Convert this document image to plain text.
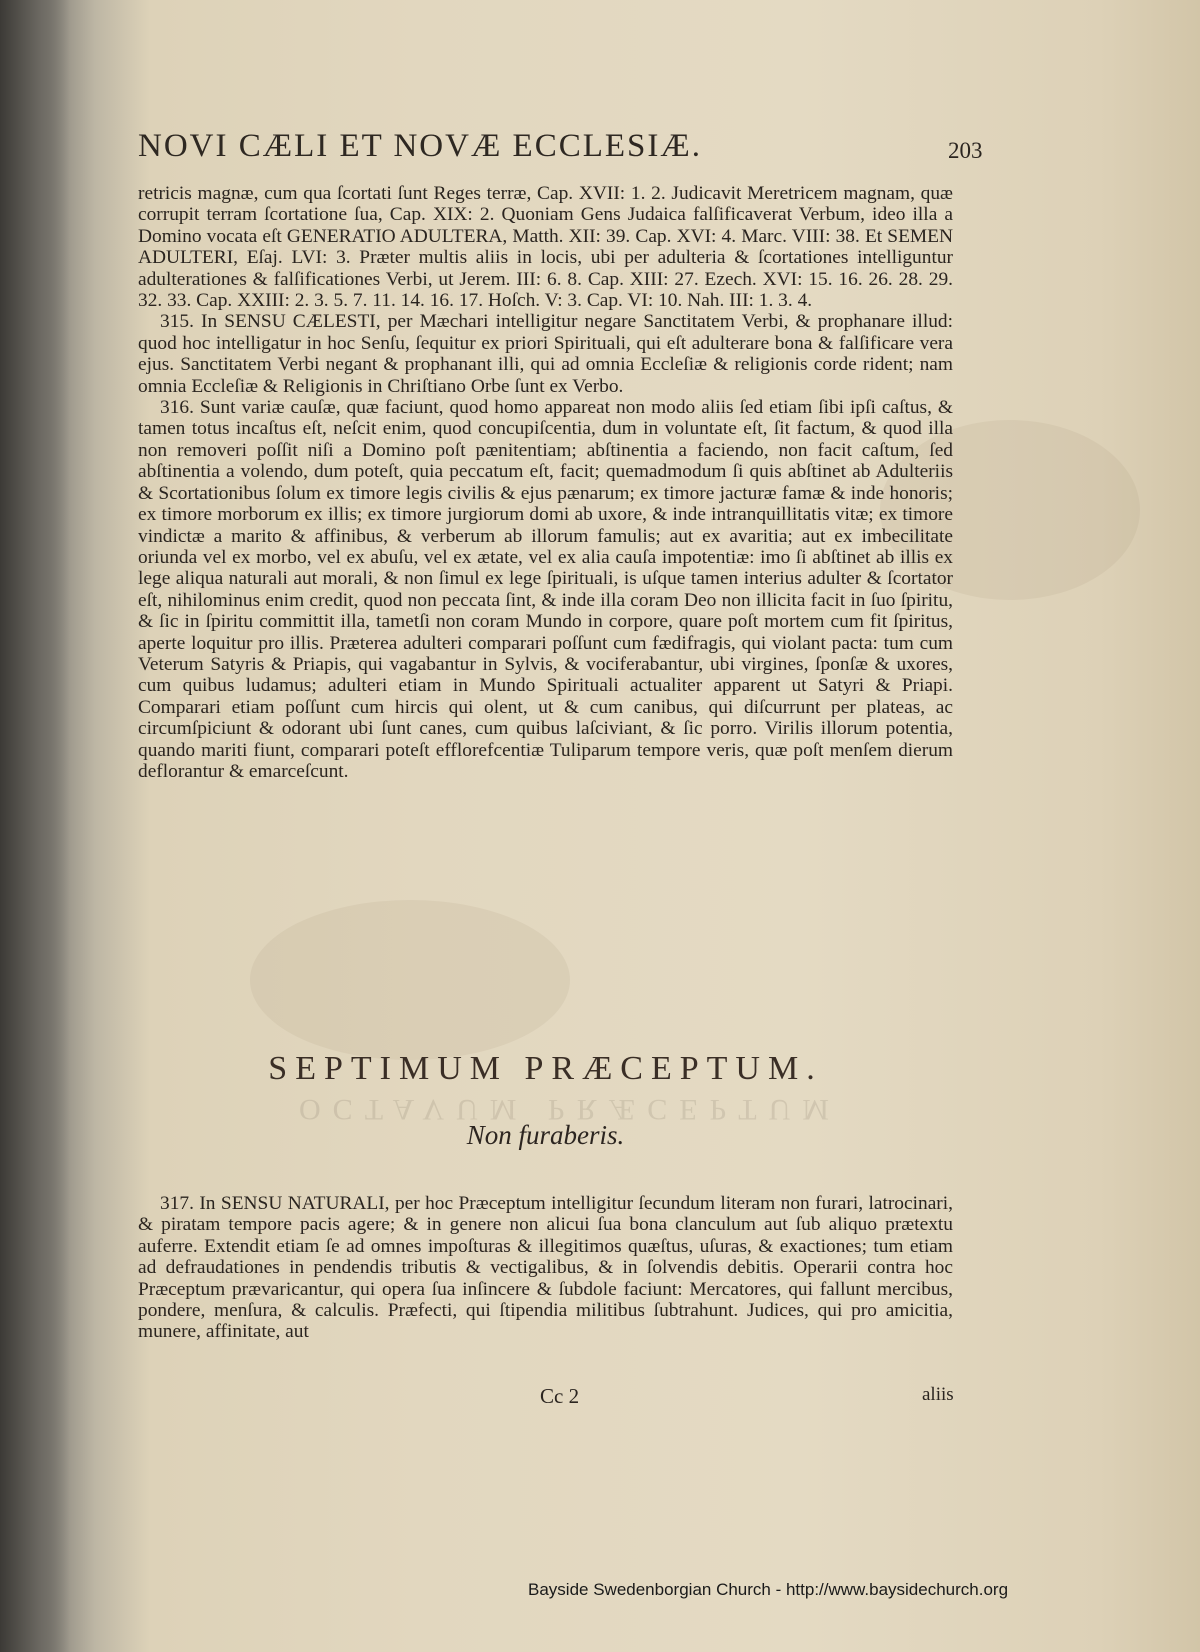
NOVI CÆLI ET NOVÆ ECCLESIÆ.	203

retricis magnæ, cum qua ſcortati ſunt Reges terræ, Cap. XVII: 1. 2. Judicavit Meretricem magnam, quæ corrupit terram ſcortatione ſua, Cap. XIX: 2. Quoniam Gens Judaica falſificaverat Verbum, ideo illa a Domino vocata eſt GENERATIO ADULTERA, Matth. XII: 39. Cap. XVI: 4. Marc. VIII: 38. Et SEMEN ADULTERI, Eſaj. LVI: 3. Præter multis aliis in locis, ubi per adulteria & ſcortationes intelliguntur adulterationes & falſificationes Verbi, ut Jerem. III: 6. 8. Cap. XIII: 27. Ezech. XVI: 15. 16. 26. 28. 29. 32. 33. Cap. XXIII: 2. 3. 5. 7. 11. 14. 16. 17. Hoſch. V: 3. Cap. VI: 10. Nah. III: 1. 3. 4.

315. In SENSU CÆLESTI, per Mæchari intelligitur negare Sanctitatem Verbi, & prophanare illud: quod hoc intelligatur in hoc Senſu, ſequitur ex priori Spirituali, qui eſt adulterare bona & falſificare vera ejus. Sanctitatem Verbi negant & prophanant illi, qui ad omnia Eccleſiæ & religionis corde rident; nam omnia Eccleſiæ & Religionis in Chriſtiano Orbe ſunt ex Verbo.

316. Sunt variæ cauſæ, quæ faciunt, quod homo appareat non modo aliis ſed etiam ſibi ipſi caſtus, & tamen totus incaſtus eſt, neſcit enim, quod concupiſcentia, dum in voluntate eſt, ſit factum, & quod illa non removeri poſſit niſi a Domino poſt pænitentiam; abſtinentia a faciendo, non facit caſtum, ſed abſtinentia a volendo, dum poteſt, quia peccatum eſt, facit; quemadmodum ſi quis abſtinet ab Adulteriis & Scortationibus ſolum ex timore legis civilis & ejus pænarum; ex timore jacturæ famæ & inde honoris; ex timore morborum ex illis; ex timore jurgiorum domi ab uxore, & inde intranquillitatis vitæ; ex timore vindictæ a marito & affinibus, & verberum ab illorum famulis; aut ex avaritia; aut ex imbecilitate oriunda vel ex morbo, vel ex abuſu, vel ex ætate, vel ex alia cauſa impotentiæ: imo ſi abſtinet ab illis ex lege aliqua naturali aut morali, & non ſimul ex lege ſpirituali, is uſque tamen interius adulter & ſcortator eſt, nihilominus enim credit, quod non peccata ſint, & inde illa coram Deo non illicita facit in ſuo ſpiritu, & ſic in ſpiritu committit illa, tametſi non coram Mundo in corpore, quare poſt mortem cum fit ſpiritus, aperte loquitur pro illis. Præterea adulteri comparari poſſunt cum fædifragis, qui violant pacta: tum cum Veterum Satyris & Priapis, qui vagabantur in Sylvis, & vociferabantur, ubi virgines, ſponſæ & uxores, cum quibus ludamus; adulteri etiam in Mundo Spirituali actualiter apparent ut Satyri & Priapi. Comparari etiam poſſunt cum hircis qui olent, ut & cum canibus, qui diſcurrunt per plateas, ac circumſpiciunt & odorant ubi ſunt canes, cum quibus laſciviant, & ſic porro. Virilis illorum potentia, quando mariti fiunt, comparari poteſt efflorefcentiæ Tuliparum tempore veris, quæ poſt menſem dierum deflorantur & emarceſcunt.

OCTAVUM PRÆCEPTUM
SEPTIMUM PRÆCEPTUM.
Non furaberis.

317. In SENSU NATURALI, per hoc Præceptum intelligitur ſecundum literam non furari, latrocinari, & piratam tempore pacis agere; & in genere non alicui ſua bona clanculum aut ſub aliquo prætextu auferre. Extendit etiam ſe ad omnes impoſturas & illegitimos quæſtus, uſuras, & exactiones; tum etiam ad defraudationes in pendendis tributis & vectigalibus, & in ſolvendis debitis. Operarii contra hoc Præceptum prævaricantur, qui opera ſua inſincere & ſubdole faciunt: Mercatores, qui fallunt mercibus, pondere, menſura, & calculis. Præfecti, qui ſtipendia militibus ſubtrahunt. Judices, qui pro amicitia, munere, affinitate, aut

Cc 2	aliis
Bayside Swedenborgian Church - http://www.baysidechurch.org
